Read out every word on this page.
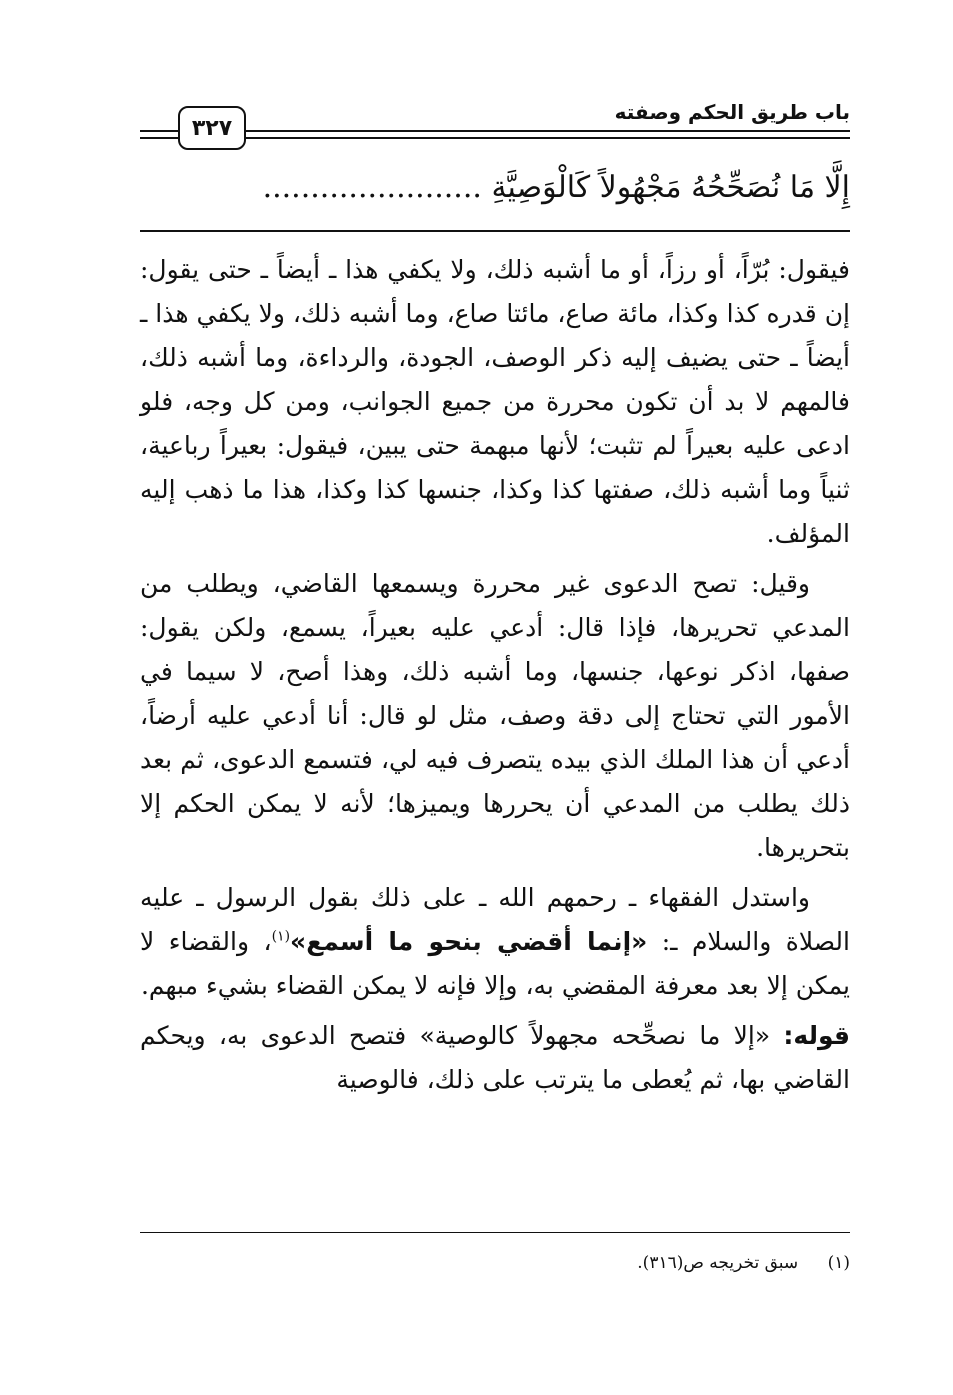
باب طريق الحكم وصفته
٣٢٧
إِلَّا مَا نُصَحِّحُهُ مَجْهُولاً كَالْوَصِيَّةِ .......................

فيقول: بُرّاً، أو رزاً، أو ما أشبه ذلك، ولا يكفي هذا ـ أيضاً ـ حتى يقول: إن قدره كذا وكذا، مائة صاع، مائتا صاع، وما أشبه ذلك، ولا يكفي هذا ـ أيضاً ـ حتى يضيف إليه ذكر الوصف، الجودة، والرداءة، وما أشبه ذلك، فالمهم لا بد أن تكون محررة من جميع الجوانب، ومن كل وجه، فلو ادعى عليه بعيراً لم تثبت؛ لأنها مبهمة حتى يبين، فيقول: بعيراً رباعية، ثنياً وما أشبه ذلك، صفتها كذا وكذا، جنسها كذا وكذا، هذا ما ذهب إليه المؤلف.

وقيل: تصح الدعوى غير محررة ويسمعها القاضي، ويطلب من المدعي تحريرها، فإذا قال: أدعي عليه بعيراً، يسمع، ولكن يقول: صفها، اذكر نوعها، جنسها، وما أشبه ذلك، وهذا أصح، لا سيما في الأمور التي تحتاج إلى دقة وصف، مثل لو قال: أنا أدعي عليه أرضاً، أدعي أن هذا الملك الذي بيده يتصرف فيه لي، فتسمع الدعوى، ثم بعد ذلك يطلب من المدعي أن يحررها ويميزها؛ لأنه لا يمكن الحكم إلا بتحريرها.

واستدل الفقهاء ـ رحمهم الله ـ على ذلك بقول الرسول ـ عليه الصلاة والسلام ـ: «إنما أقضي بنحو ما أسمع»$^{(١)}$، والقضاء لا يمكن إلا بعد معرفة المقضي به، وإلا فإنه لا يمكن القضاء بشيء مبهم.

قوله: «إلا ما نصحِّحه مجهولاً كالوصية» فتصح الدعوى به، ويحكم القاضي بها، ثم يُعطى ما يترتب على ذلك، فالوصية

(١) سبق تخريجه ص(٣١٦).
